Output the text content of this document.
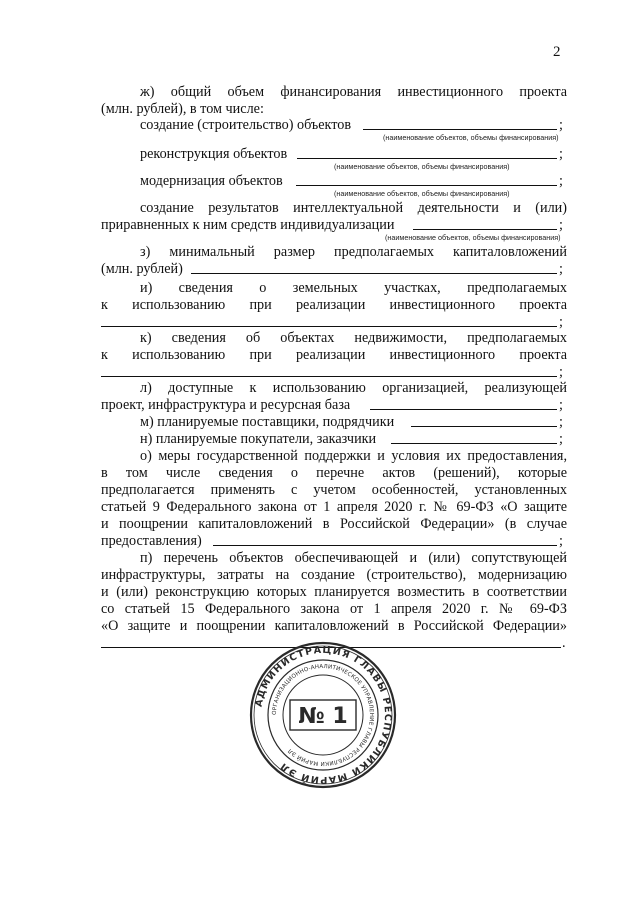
2
ж) общий объем финансирования инвестиционного проекта
(млн. рублей), в том числе:
создание (строительство) объектов	;
(наименование объектов, объемы финансирования)
реконструкция объектов	;
(наименование объектов, объемы финансирования)
модернизация объектов	;
(наименование объектов, объемы финансирования)
создание результатов интеллектуальной деятельности и (или)
приравненных к ним средств индивидуализации	;
(наименование объектов, объемы финансирования)
з) минимальный размер предполагаемых капиталовложений
(млн. рублей)	;
и) сведения о земельных участках, предполагаемых
к использованию при реализации инвестиционного проекта
;
к) сведения об объектах недвижимости, предполагаемых
к использованию при реализации инвестиционного проекта
;
л) доступные к использованию организацией, реализующей
проект, инфраструктура и ресурсная база	;
м) планируемые поставщики, подрядчики	;
н) планируемые покупатели, заказчики	;
о) меры государственной поддержки и условия их предоставления,
в том числе сведения о перечне актов (решений), которые
предполагается применять с учетом особенностей, установленных
статьей 9 Федерального закона от 1 апреля 2020 г. № 69-ФЗ «О защите
и поощрении капиталовложений в Российской Федерации» (в случае
предоставления)	;
п) перечень объектов обеспечивающей и (или) сопутствующей
инфраструктуры, затраты на создание (строительство), модернизацию
и (или) реконструкцию которых планируется возместить в соответствии
со статьей 15 Федерального закона от 1 апреля 2020 г. № 69-ФЗ
«О защите и поощрении капиталовложений в Российской Федерации»
.
АДМИНИСТРАЦИЯ ГЛАВЫ РЕСПУБЛИКИ МАРИЙ ЭЛ
ОРГАНИЗАЦИОННО-АНАЛИТИЧЕСКОЕ УПРАВЛЕНИЕ ГЛАВЫ РЕСПУБЛИКИ МАРИЙ ЭЛ
№ 1
